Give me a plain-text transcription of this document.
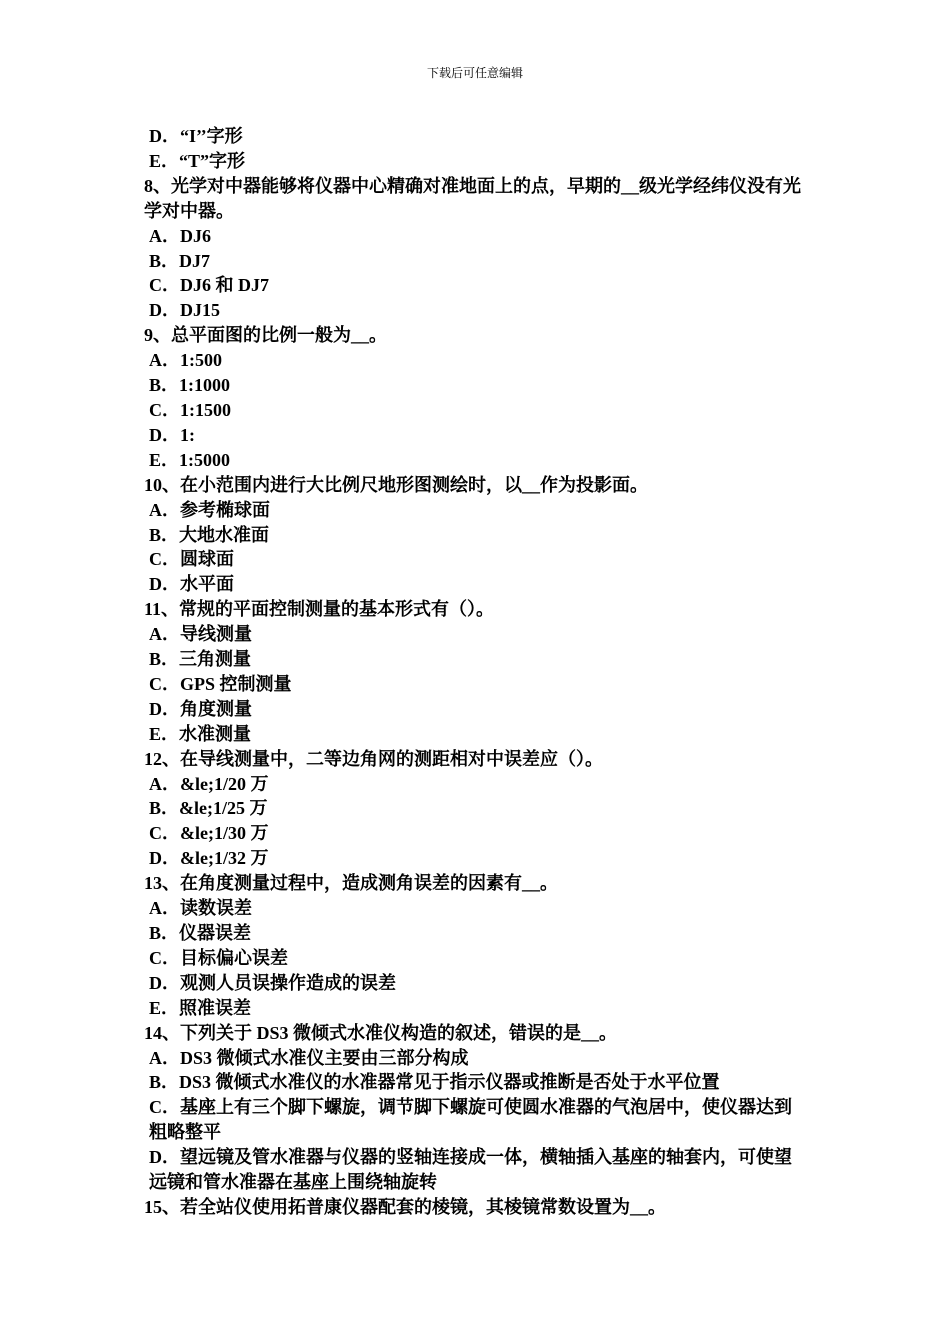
下载后可任意编辑

D．“I’’字形

E．“T”字形

8、光学对中器能够将仪器中心精确对准地面上的点，早期的__级光学经纬仪没有光学对中器。

A．DJ6

B．DJ7

C．DJ6 和 DJ7

D．DJ15

9、总平面图的比例一般为__。

A．1:500

B．1:1000

C．1:1500

D．1:

E．1:5000

10、在小范围内进行大比例尺地形图测绘时，以__作为投影面。

A．参考椭球面

B．大地水准面

C．圆球面

D．水平面

11、常规的平面控制测量的基本形式有（）。

A．导线测量

B．三角测量

C．GPS 控制测量

D．角度测量

E．水准测量

12、在导线测量中，二等边角网的测距相对中误差应（）。

A．&le;1/20 万

B．&le;1/25 万

C．&le;1/30 万

D．&le;1/32 万

13、在角度测量过程中，造成测角误差的因素有__。

A．读数误差

B．仪器误差

C．目标偏心误差

D．观测人员误操作造成的误差

E．照准误差

14、下列关于 DS3 微倾式水准仪构造的叙述，错误的是__。

A．DS3 微倾式水准仪主要由三部分构成

B．DS3 微倾式水准仪的水准器常见于指示仪器或推断是否处于水平位置

C．基座上有三个脚下螺旋，调节脚下螺旋可使圆水准器的气泡居中，使仪器达到粗略整平

D．望远镜及管水准器与仪器的竖轴连接成一体，横轴插入基座的轴套内，可使望远镜和管水准器在基座上围绕轴旋转

15、若全站仪使用拓普康仪器配套的棱镜，其棱镜常数设置为__。
